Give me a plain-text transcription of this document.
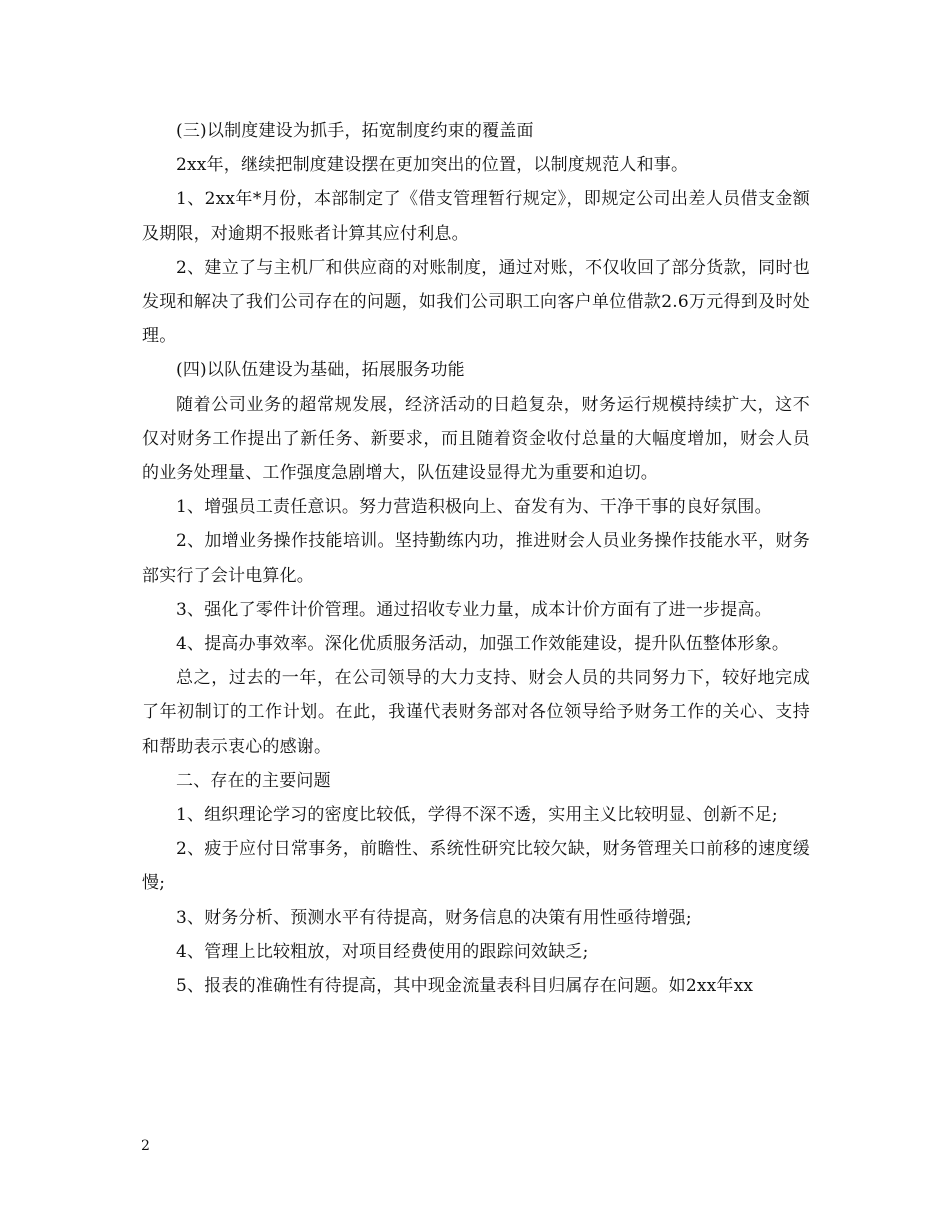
(三)以制度建设为抓手，拓宽制度约束的覆盖面

2xx年，继续把制度建设摆在更加突出的位置，以制度规范人和事。

1、2xx年*月份，本部制定了《借支管理暂行规定》，即规定公司出差人员借支金额及期限，对逾期不报账者计算其应付利息。

2、建立了与主机厂和供应商的对账制度，通过对账，不仅收回了部分货款，同时也发现和解决了我们公司存在的问题，如我们公司职工向客户单位借款2.6万元得到及时处理。

(四)以队伍建设为基础，拓展服务功能

随着公司业务的超常规发展，经济活动的日趋复杂，财务运行规模持续扩大，这不仅对财务工作提出了新任务、新要求，而且随着资金收付总量的大幅度增加，财会人员的业务处理量、工作强度急剧增大，队伍建设显得尤为重要和迫切。

1、增强员工责任意识。努力营造积极向上、奋发有为、干净干事的良好氛围。

2、加增业务操作技能培训。坚持勤练内功，推进财会人员业务操作技能水平，财务部实行了会计电算化。

3、强化了零件计价管理。通过招收专业力量，成本计价方面有了进一步提高。

4、提高办事效率。深化优质服务活动，加强工作效能建设，提升队伍整体形象。

总之，过去的一年，在公司领导的大力支持、财会人员的共同努力下，较好地完成了年初制订的工作计划。在此，我谨代表财务部对各位领导给予财务工作的关心、支持和帮助表示衷心的感谢。

二、存在的主要问题

1、组织理论学习的密度比较低，学得不深不透，实用主义比较明显、创新不足;

2、疲于应付日常事务，前瞻性、系统性研究比较欠缺，财务管理关口前移的速度缓慢;

3、财务分析、预测水平有待提高，财务信息的决策有用性亟待增强;

4、管理上比较粗放，对项目经费使用的跟踪问效缺乏;

5、报表的准确性有待提高，其中现金流量表科目归属存在问题。如2xx年xx

2
